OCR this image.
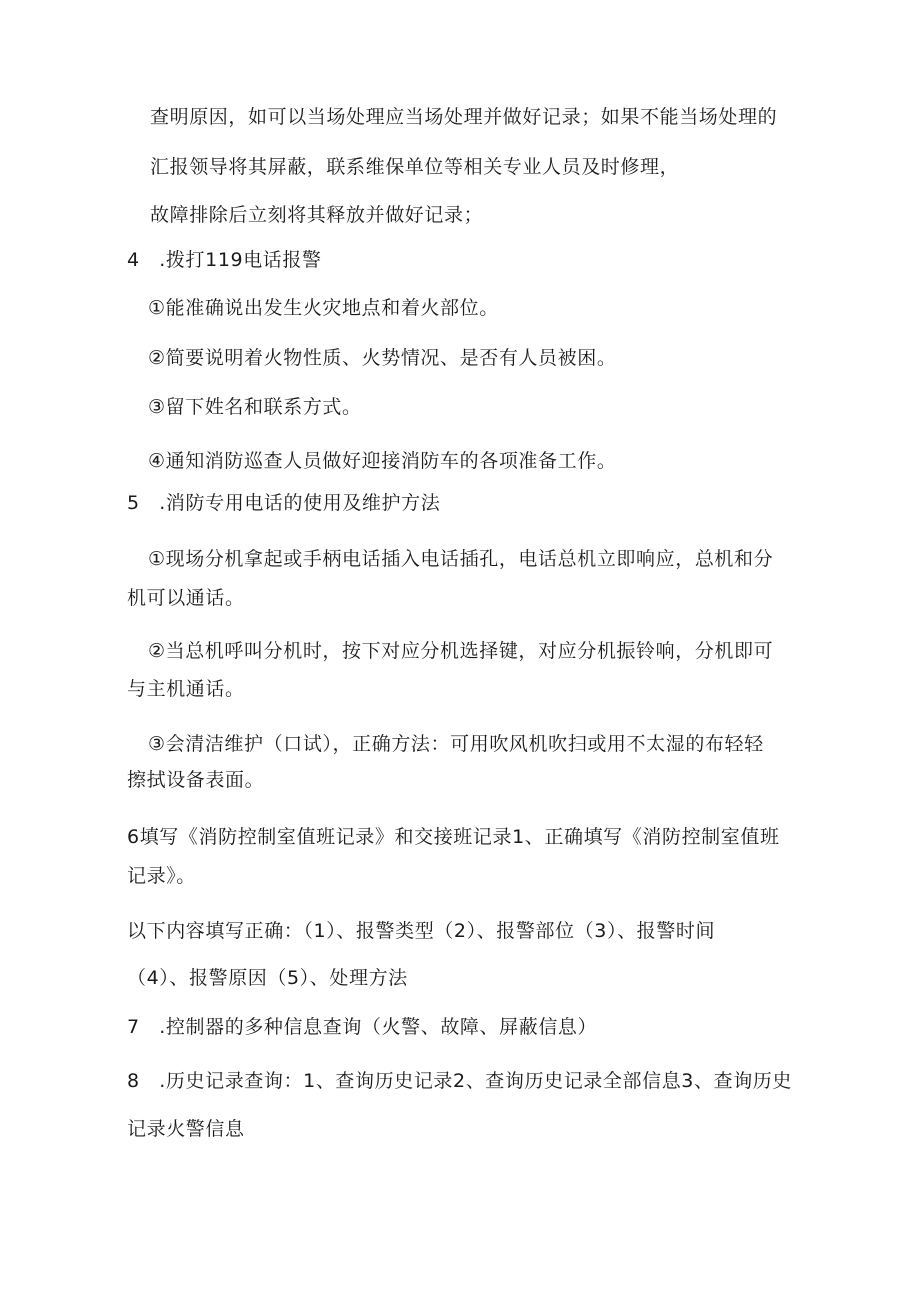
查明原因，如可以当场处理应当场处理并做好记录；如果不能当场处理的
汇报领导将其屏蔽，联系维保单位等相关专业人员及时修理，
故障排除后立刻将其释放并做好记录；
4　.拨打119电话报警
①能准确说出发生火灾地点和着火部位。
②简要说明着火物性质、火势情况、是否有人员被困。
③留下姓名和联系方式。
④通知消防巡查人员做好迎接消防车的各项准备工作。
5　.消防专用电话的使用及维护方法
①现场分机拿起或手柄电话插入电话插孔，电话总机立即响应，总机和分
机可以通话。
②当总机呼叫分机时，按下对应分机选择键，对应分机振铃响，分机即可
与主机通话。
③会清洁维护（口试），正确方法：可用吹风机吹扫或用不太湿的布轻轻
擦拭设备表面。
6填写《消防控制室值班记录》和交接班记录1、正确填写《消防控制室值班
记录》。
以下内容填写正确：（1）、报警类型（2）、报警部位（3）、报警时间
（4）、报警原因（5）、处理方法
7　.控制器的多种信息查询（火警、故障、屏蔽信息）
8　.历史记录查询：1、查询历史记录2、查询历史记录全部信息3、查询历史
记录火警信息
